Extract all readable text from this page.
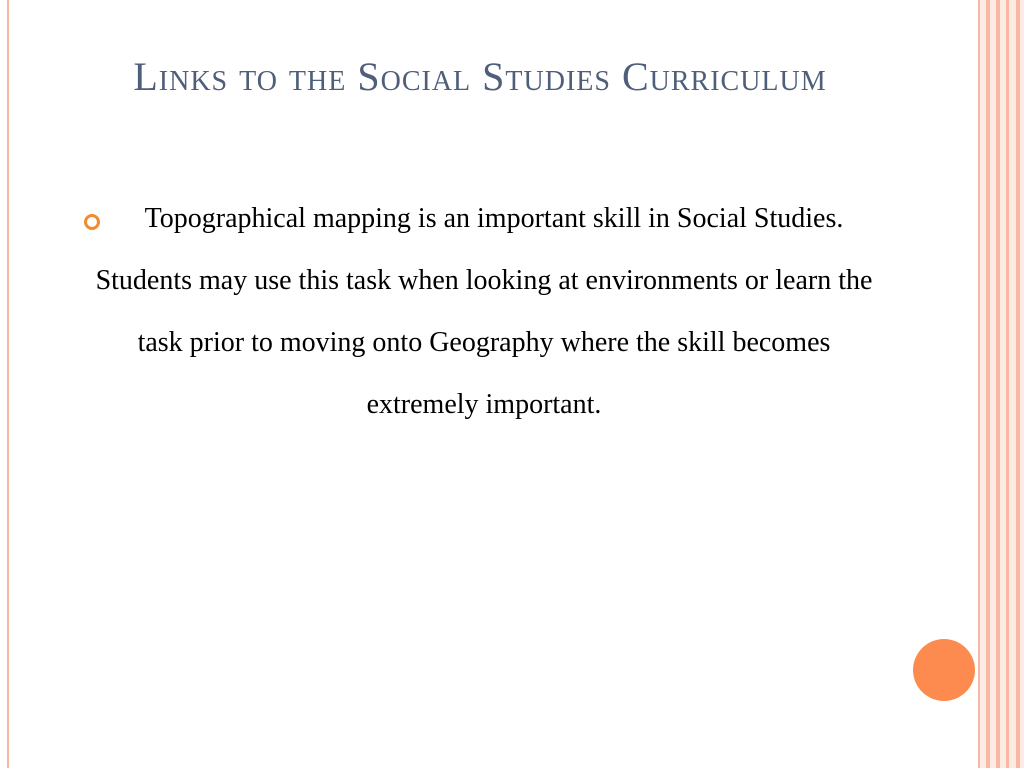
Links to the Social Studies Curriculum

Topographical mapping is an important skill in Social Studies. Students may use this task when looking at environments or learn the task prior to moving onto Geography where the skill becomes extremely important.
